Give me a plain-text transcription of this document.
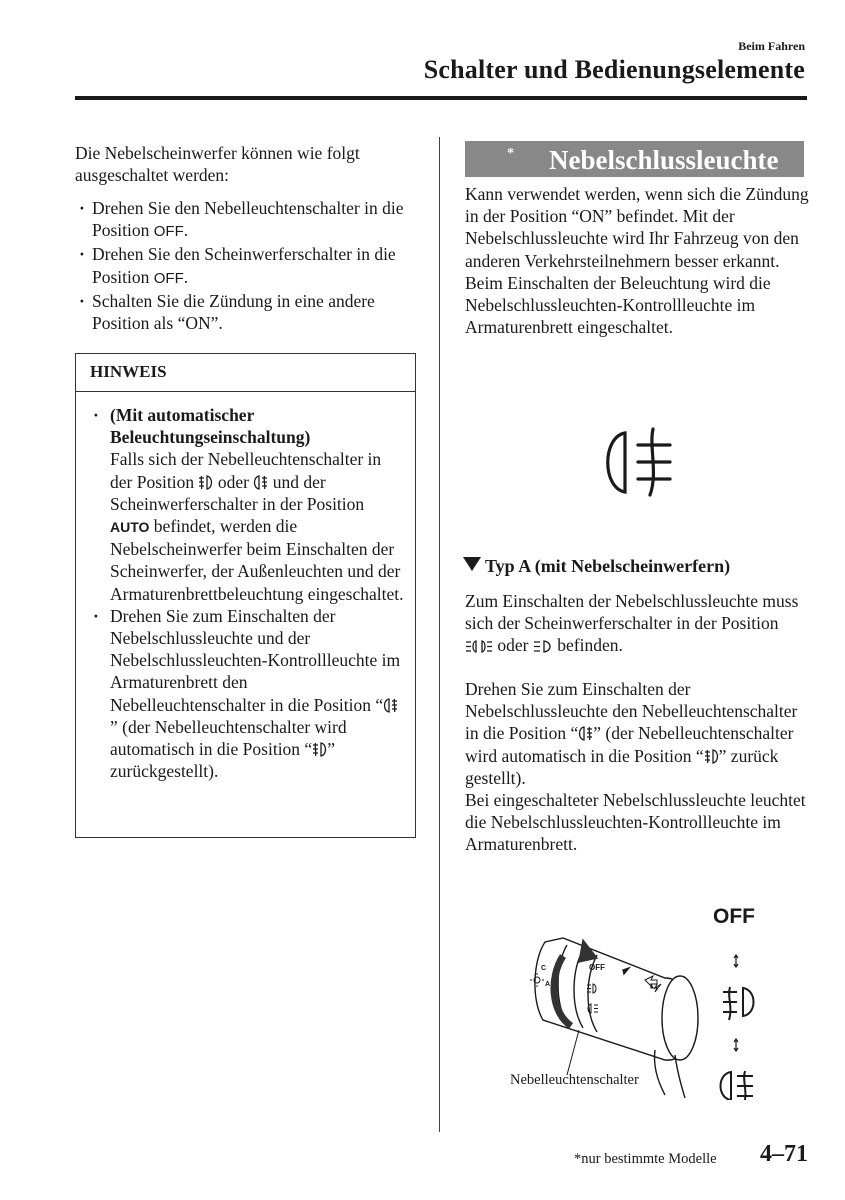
Beim Fahren
Schalter und Bedienungselemente
Die Nebelscheinwerfer können wie folgt ausgeschaltet werden:
· Drehen Sie den Nebelleuchtenschalter in die Position OFF.
· Drehen Sie den Scheinwerferschalter in die Position OFF.
· Schalten Sie die Zündung in eine andere Position als “ON”.
HINWEIS
· (Mit automatischer Beleuchtungseinschaltung)
Falls sich der Nebelleuchtenschalter in der Position  oder  und der Scheinwerferschalter in der Position AUTO befindet, werden die Nebelscheinwerfer beim Einschalten der Scheinwerfer, der Außenleuchten und der Armaturenbrettbeleuchtung eingeschaltet.
· Drehen Sie zum Einschalten der Nebelschlussleuchte und der Nebelschlussleuchten-Kontrollleuchte im Armaturenbrett den Nebelleuchtenschalter in die Position “” (der Nebelleuchtenschalter wird automatisch in die Position “ ” zurückgestellt).
Nebelschlussleuchte
*
Kann verwendet werden, wenn sich die Zündung in der Position “ON” befindet. Mit der Nebelschlussleuchte wird Ihr Fahrzeug von den anderen Verkehrsteilnehmern besser erkannt. Beim Einschalten der Beleuchtung wird die Nebelschlussleuchten-Kontrollleuchte im Armaturenbrett eingeschaltet.
Typ A (mit Nebelscheinwerfern)
Zum Einschalten der Nebelschlussleuchte muss sich der Scheinwerferschalter in der Position  oder  befinden.
Drehen Sie zum Einschalten der Nebelschlussleuchte den Nebelleuchtenschalter in die Position “ ” (der Nebelleuchtenschalter wird automatisch in die Position “ ” zurück gestellt).
Bei eingeschalteter Nebelschlussleuchte leuchtet die Nebelschlussleuchten-Kontrollleuchte im Armaturenbrett.
OFF
OFF
C
A
Nebelleuchtenschalter
*nur bestimmte Modelle 4–71
